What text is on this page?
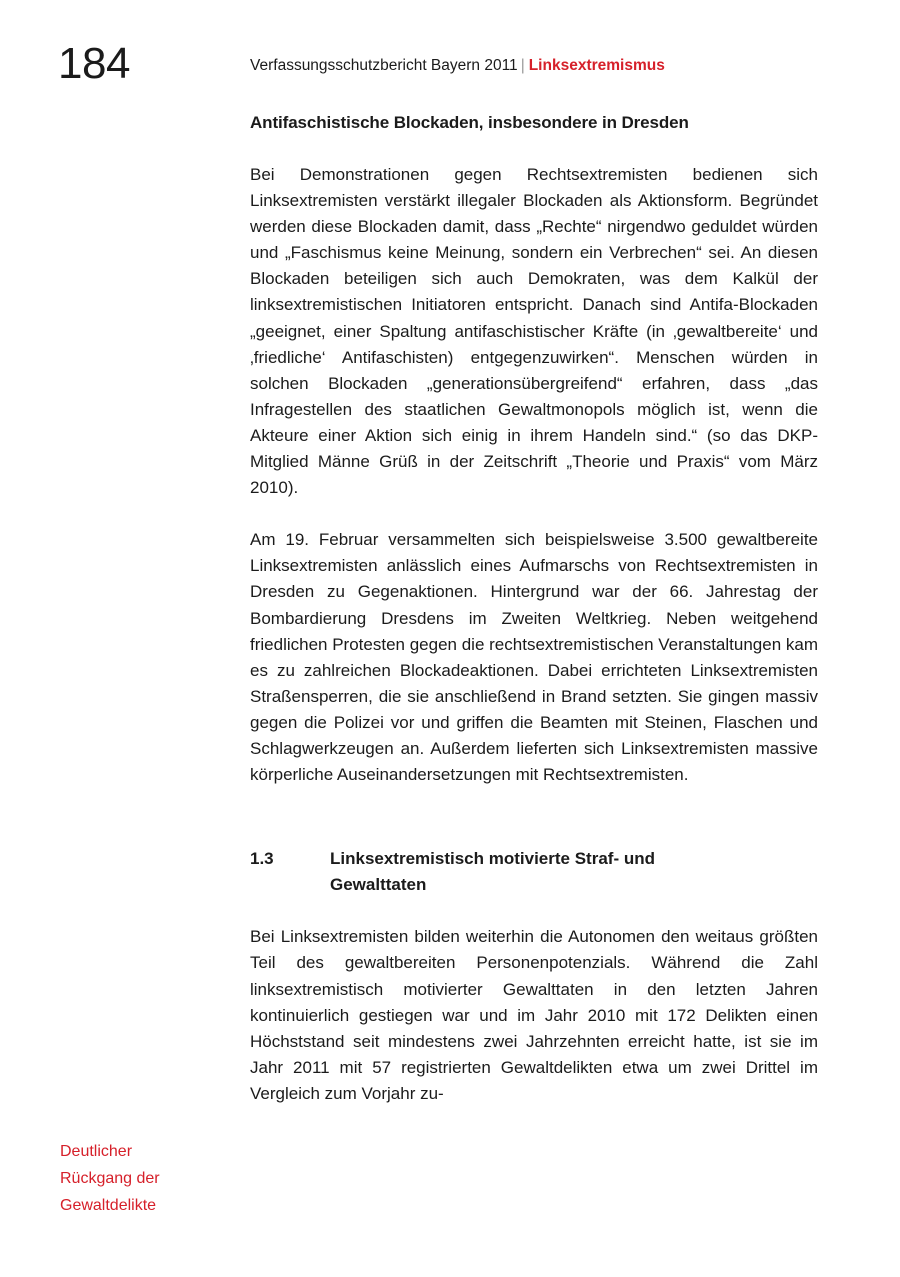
184	Verfassungsschutzbericht Bayern 2011 | Linksextremismus
Antifaschistische Blockaden, insbesondere in Dresden

Bei Demonstrationen gegen Rechtsextremisten bedienen sich Linksextremisten verstärkt illegaler Blockaden als Aktionsform. Begründet werden diese Blockaden damit, dass „Rechte“ nirgendwo geduldet würden und „Faschismus keine Meinung, sondern ein Verbrechen“ sei. An diesen Blockaden beteiligen sich auch Demokraten, was dem Kalkül der linksextremistischen Initiatoren entspricht. Danach sind Antifa-Blockaden „geeignet, einer Spaltung antifaschistischer Kräfte (in ‚gewaltbereite‘ und ‚friedliche‘ Antifaschisten) entgegenzuwirken“. Menschen würden in solchen Blockaden „generationsübergreifend“ erfahren, dass „das Infragestellen des staatlichen Gewaltmonopols möglich ist, wenn die Akteure einer Aktion sich einig in ihrem Handeln sind.“ (so das DKP-Mitglied Männe Grüß in der Zeitschrift „Theorie und Praxis“ vom März 2010).

Am 19. Februar versammelten sich beispielsweise 3.500 gewaltbereite Linksextremisten anlässlich eines Aufmarschs von Rechtsextremisten in Dresden zu Gegenaktionen. Hintergrund war der 66. Jahrestag der Bombardierung Dresdens im Zweiten Weltkrieg. Neben weitgehend friedlichen Protesten gegen die rechtsextremistischen Veranstaltungen kam es zu zahlreichen Blockadeaktionen. Dabei errichteten Linksextremisten Straßensperren, die sie anschließend in Brand setzten. Sie gingen massiv gegen die Polizei vor und griffen die Beamten mit Steinen, Flaschen und Schlagwerkzeugen an. Außerdem lieferten sich Linksextremisten massive körperliche Auseinandersetzungen mit Rechtsextremisten.

1.3	Linksextremistisch motivierte Straf- und Gewalttaten

Bei Linksextremisten bilden weiterhin die Autonomen den weitaus größten Teil des gewaltbereiten Personenpotenzials. Während die Zahl linksextremistisch motivierter Gewalttaten in den letzten Jahren kontinuierlich gestiegen war und im Jahr 2010 mit 172 Delikten einen Höchststand seit mindestens zwei Jahrzehnten erreicht hatte, ist sie im Jahr 2011 mit 57 registrierten Gewaltdelikten etwa um zwei Drittel im Vergleich zum Vorjahr zu-

Deutlicher
Rückgang der
Gewaltdelikte
